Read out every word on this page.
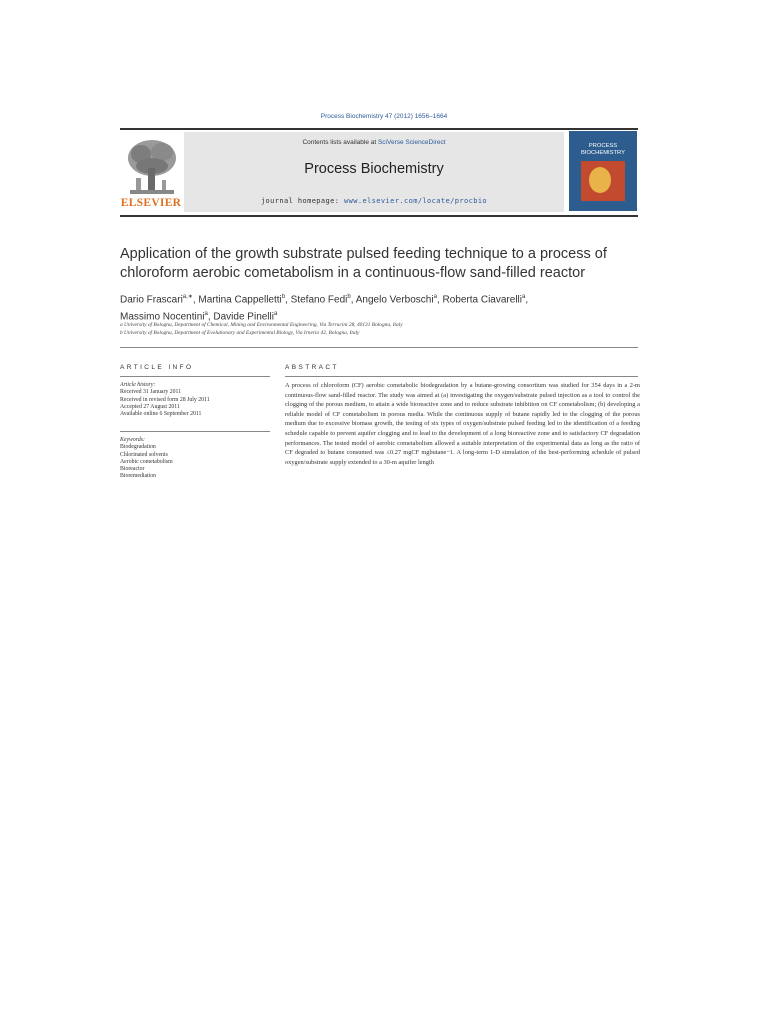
Process Biochemistry 47 (2012) 1656–1664
ELSEVIER
Contents lists available at SciVerse ScienceDirect
Process Biochemistry
journal homepage: www.elsevier.com/locate/procbio
PROCESS BIOCHEMISTRY
Application of the growth substrate pulsed feeding technique to a process of chloroform aerobic cometabolism in a continuous-flow sand-filled reactor
Dario Frascari$^{a,∗}$, Martina Cappelletti$^b$, Stefano Fedi$^b$, Angelo Verboschi$^a$, Roberta Ciavarelli$^a$,
Massimo Nocentini$^a$, Davide Pinelli$^a$
a University of Bologna, Department of Chemical, Mining and Environmental Engineering, Via Terracini 28, 40131 Bologna, Italy
b University of Bologna, Department of Evolutionary and Experimental Biology, Via Irnerio 42, Bologna, Italy
ARTICLE INFO
Article history:
Received 31 January 2011
Received in revised form 28 July 2011
Accepted 27 August 2011
Available online 6 September 2011
Keywords:
Biodegradation
Chlorinated solvents
Aerobic cometabolism
Bioreactor
Bioremediation
ABSTRACT
A process of chloroform (CF) aerobic cometabolic biodegradation by a butane-growing consortium was studied for 354 days in a 2-m continuous-flow sand-filled reactor. The study was aimed at (a) investigating the oxygen/substrate pulsed injection as a tool to control the clogging of the porous medium, to attain a wide bioreactive zone and to reduce substrate inhibition on CF cometabolism; (b) developing a reliable model of CF cometabolism in porous media. While the continuous supply of butane rapidly led to the clogging of the porous medium due to excessive biomass growth, the testing of six types of oxygen/substrate pulsed feeding led to the identification of a feeding schedule capable to prevent aquifer clogging and to lead to the development of a long bioreactive zone and to satisfactory CF degradation performances. The tested model of aerobic cometabolism allowed a suitable interpretation of the experimental data as long as the ratio of CF degraded to butane consumed was ≤0.27 mgCF mgbutane−1. A long-term 1-D simulation of the best-performing schedule of pulsed oxygen/substrate supply extended to a 30-m aquifer length
